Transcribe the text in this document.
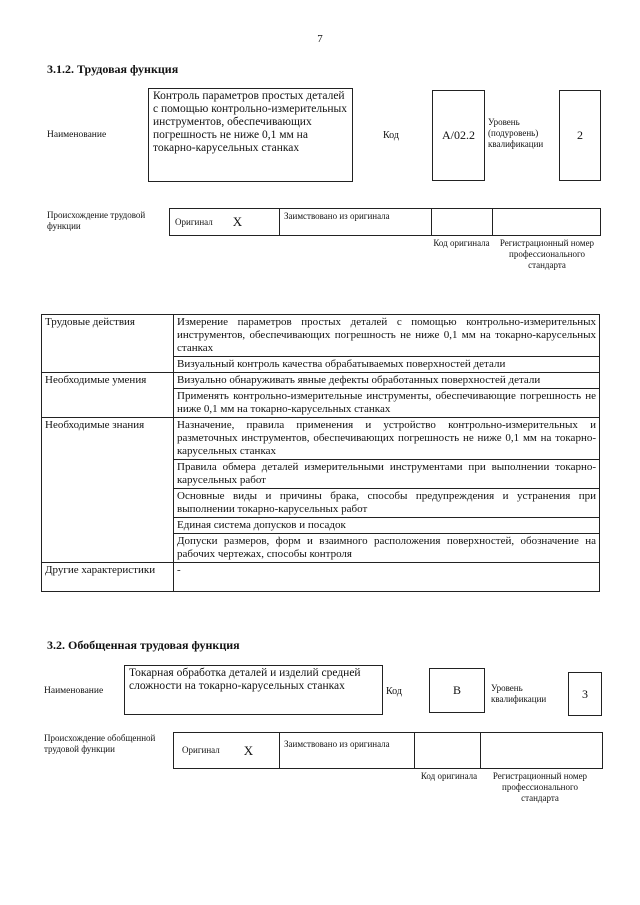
7
3.1.2. Трудовая функция
Наименование
Контроль параметров простых деталей с помощью контрольно-измерительных инструментов, обеспечивающих погрешность не ниже 0,1 мм на токарно-карусельных станках
Код	A/02.2
Уровень (подуровень) квалификации
2
Происхождение трудовой функции	Оригинал X	Заимствовано из оригинала
Код оригинала	Регистрационный номер профессионального стандарта
Трудовые действия	Измерение параметров простых деталей с помощью контрольно-измерительных инструментов, обеспечивающих погрешность не ниже 0,1 мм на токарно-карусельных станках
	Визуальный контроль качества обрабатываемых поверхностей детали
Необходимые умения	Визуально обнаруживать явные дефекты обработанных поверхностей детали
	Применять контрольно-измерительные инструменты, обеспечивающие погрешность не ниже 0,1 мм на токарно-карусельных станках
Необходимые знания	Назначение, правила применения и устройство контрольно-измерительных и разметочных инструментов, обеспечивающих погрешность не ниже 0,1 мм на токарно-карусельных станках
	Правила обмера деталей измерительными инструментами при выполнении токарно-карусельных работ
	Основные виды и причины брака, способы предупреждения и устранения при выполнении токарно-карусельных работ
	Единая система допусков и посадок
	Допуски размеров, форм и взаимного расположения поверхностей, обозначение на рабочих чертежах, способы контроля
Другие характеристики	-
3.2. Обобщенная трудовая функция
Наименование
Токарная обработка деталей и изделий средней сложности на токарно-карусельных станках	Код	B	Уровень квалификации	3
Происхождение обобщенной трудовой функции	Оригинал X	Заимствовано из оригинала
Код оригинала	Регистрационный номер профессионального стандарта
